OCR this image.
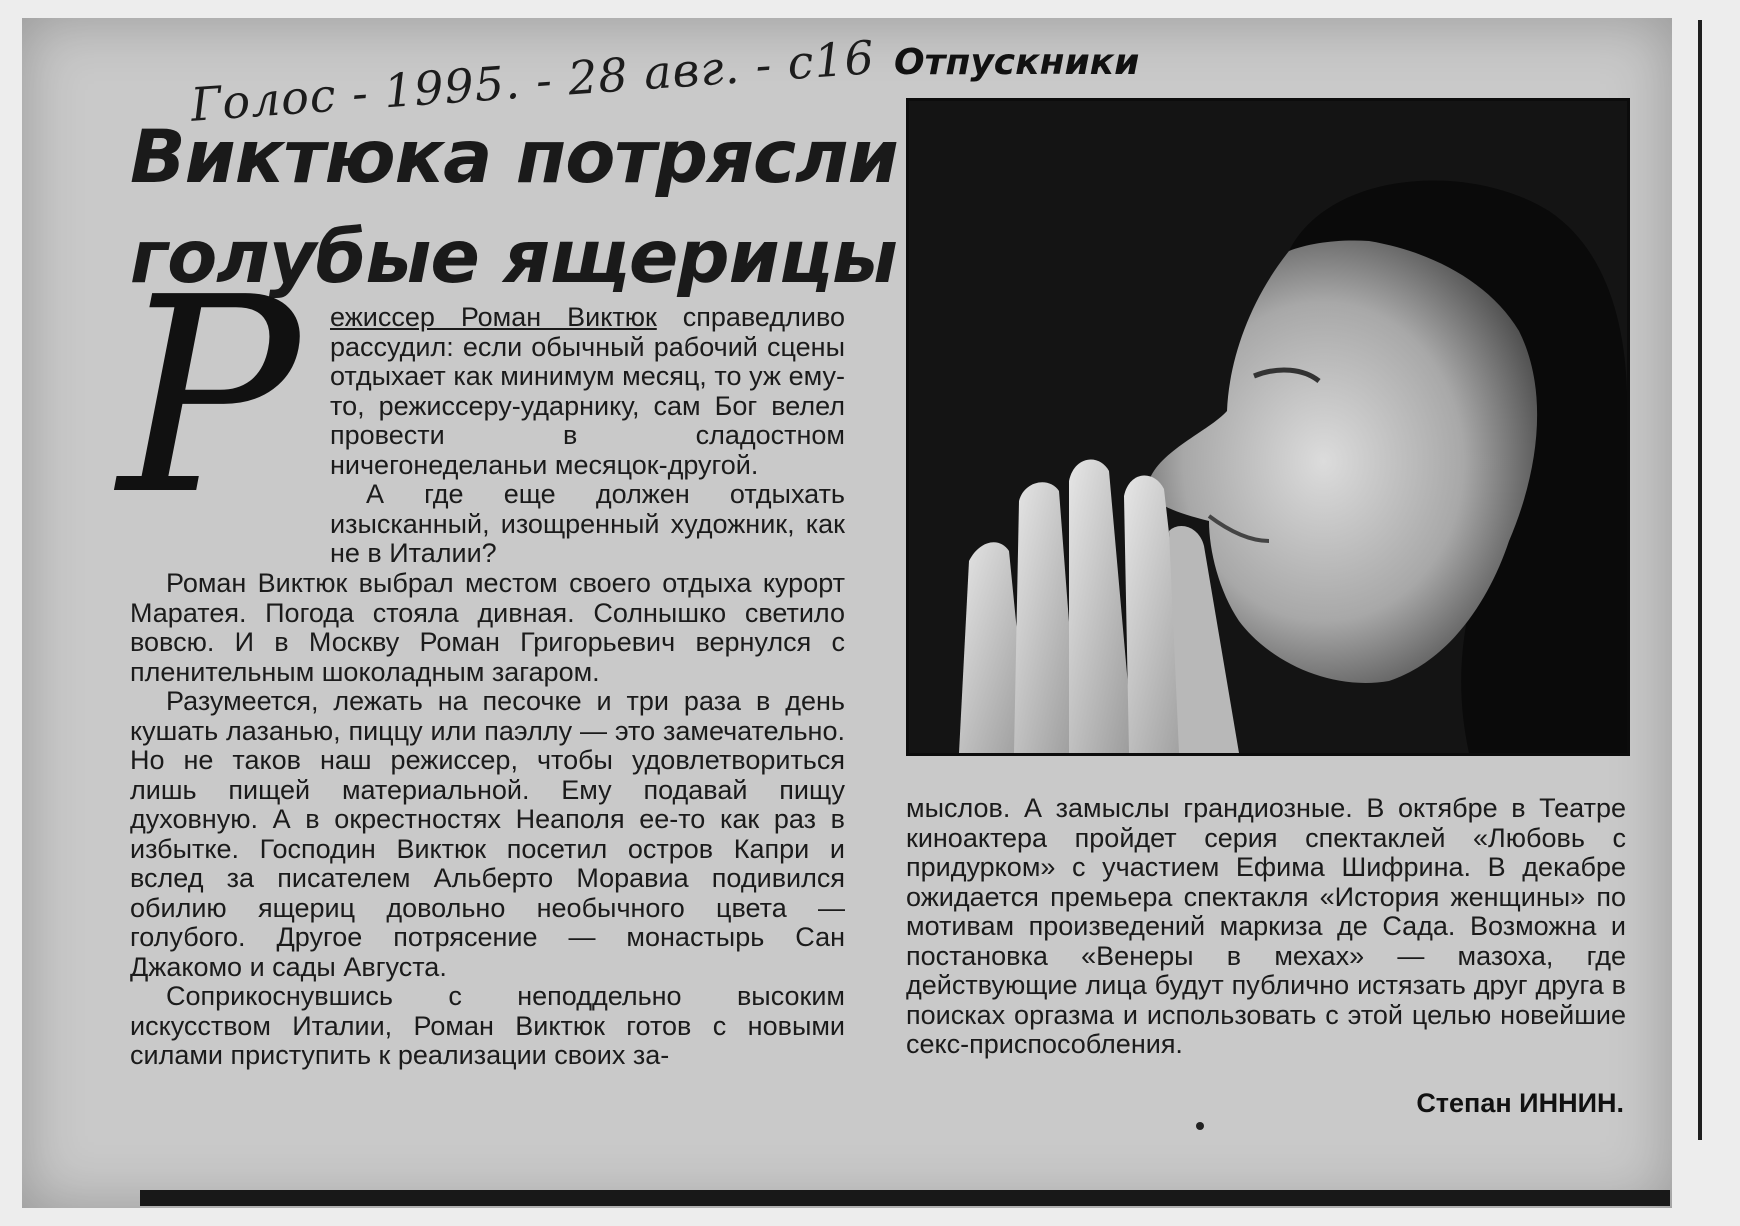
Голос - 1995. - 28 авг. - с16 Отпускники
Виктюка потрясли
голубые ящерицы
Р ежиссер Роман Виктюк справедливо рассудил: если обычный рабочий сцены отдыхает как минимум месяц, то уж ему-то, режиссеру-ударнику, сам Бог велел провести в сладостном ничегонеделаньи месяцок-другой.

А где еще должен отдыхать изысканный, изощренный художник, как не в Италии?

Роман Виктюк выбрал местом своего отдыха курорт Маратея. Погода стояла дивная. Солнышко светило вовсю. И в Москву Роман Григорьевич вернулся с пленительным шоколадным загаром.

Разумеется, лежать на песочке и три раза в день кушать лазанью, пиццу или паэллу — это замечательно. Но не таков наш режиссер, чтобы удовлетвориться лишь пищей материальной. Ему подавай пищу духовную. А в окрестностях Неаполя ее-то как раз в избытке. Господин Виктюк посетил остров Капри и вслед за писателем Альберто Моравиа подивился обилию ящериц довольно необычного цвета — голубого. Другое потрясение — монастырь Сан Джакомо и сады Августа.

Соприкоснувшись с неподдельно высоким искусством Италии, Роман Виктюк готов с новыми силами приступить к реализации своих за-

мыслов. А замыслы грандиозные. В октябре в Театре киноактера пройдет серия спектаклей «Любовь с придурком» с участием Ефима Шифрина. В декабре ожидается премьера спектакля «История женщины» по мотивам произведений маркиза де Сада. Возможна и постановка «Венеры в мехах» — мазоха, где действующие лица будут публично истязать друг друга в поисках оргазма и использовать с этой целью новейшие секс-приспособления.

Степан ИННИН.
